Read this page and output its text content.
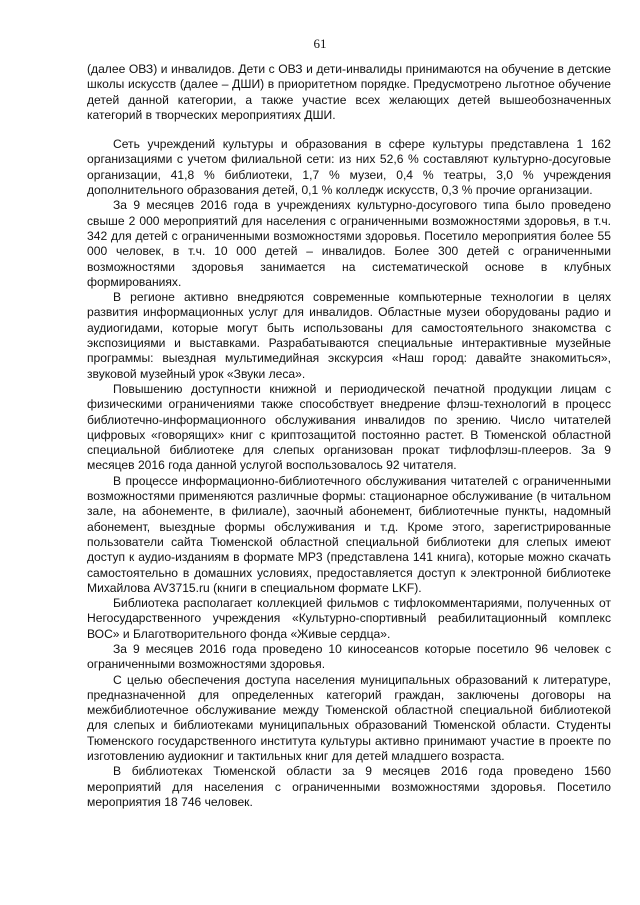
61

(далее ОВЗ) и инвалидов. Дети с ОВЗ и дети-инвалиды принимаются на обучение в детские школы искусств (далее – ДШИ) в приоритетном порядке. Предусмотрено льготное обучение детей данной категории, а также участие всех желающих детей вышеобозначенных категорий в творческих мероприятиях ДШИ.

Сеть учреждений культуры и образования в сфере культуры представлена 1 162 организациями с учетом филиальной сети: из них 52,6 % составляют культурно-досуговые организации, 41,8 % библиотеки, 1,7 % музеи, 0,4 % театры, 3,0 % учреждения дополнительного образования детей, 0,1 % колледж искусств, 0,3 % прочие организации.

За 9 месяцев 2016 года в учреждениях культурно-досугового типа было проведено свыше 2 000 мероприятий для населения с ограниченными возможностями здоровья, в т.ч. 342 для детей с ограниченными возможностями здоровья. Посетило мероприятия более 55 000 человек, в т.ч. 10 000 детей – инвалидов. Более 300 детей с ограниченными возможностями здоровья занимается на систематической основе в клубных формированиях.

В регионе активно внедряются современные компьютерные технологии в целях развития информационных услуг для инвалидов. Областные музеи оборудованы радио и аудиогидами, которые могут быть использованы для самостоятельного знакомства с экспозициями и выставками. Разрабатываются специальные интерактивные музейные программы: выездная мультимедийная экскурсия «Наш город: давайте знакомиться», звуковой музейный урок «Звуки леса».

Повышению доступности книжной и периодической печатной продукции лицам с физическими ограничениями также способствует внедрение флэш-технологий в процесс библиотечно-информационного обслуживания инвалидов по зрению. Число читателей цифровых «говорящих» книг с криптозащитой постоянно растет. В Тюменской областной специальной библиотеке для слепых организован прокат тифлофлэш-плееров. За 9 месяцев 2016 года данной услугой воспользовалось 92 читателя.

В процессе информационно-библиотечного обслуживания читателей с ограниченными возможностями применяются различные формы: стационарное обслуживание (в читальном зале, на абонементе, в филиале), заочный абонемент, библиотечные пункты, надомный абонемент, выездные формы обслуживания и т.д. Кроме этого, зарегистрированные пользователи сайта Тюменской областной специальной библиотеки для слепых имеют доступ к аудио-изданиям в формате MP3 (представлена 141 книга), которые можно скачать самостоятельно в домашних условиях, предоставляется доступ к электронной библиотеке Михайлова AV3715.ru (книги в специальном формате LKF).

Библиотека располагает коллекцией фильмов с тифлокомментариями, полученных от Негосударственного учреждения «Культурно-спортивный реабилитационный комплекс ВОС» и Благотворительного фонда «Живые сердца».

За 9 месяцев 2016 года проведено 10 киносеансов которые посетило 96 человек с ограниченными возможностями здоровья.

С целью обеспечения доступа населения муниципальных образований к литературе, предназначенной для определенных категорий граждан, заключены договоры на межбиблиотечное обслуживание между Тюменской областной специальной библиотекой для слепых и библиотеками муниципальных образований Тюменской области. Студенты Тюменского государственного института культуры активно принимают участие в проекте по изготовлению аудиокниг и тактильных книг для детей младшего возраста.

В библиотеках Тюменской области за 9 месяцев 2016 года проведено 1560 мероприятий для населения с ограниченными возможностями здоровья. Посетило мероприятия 18 746 человек.
